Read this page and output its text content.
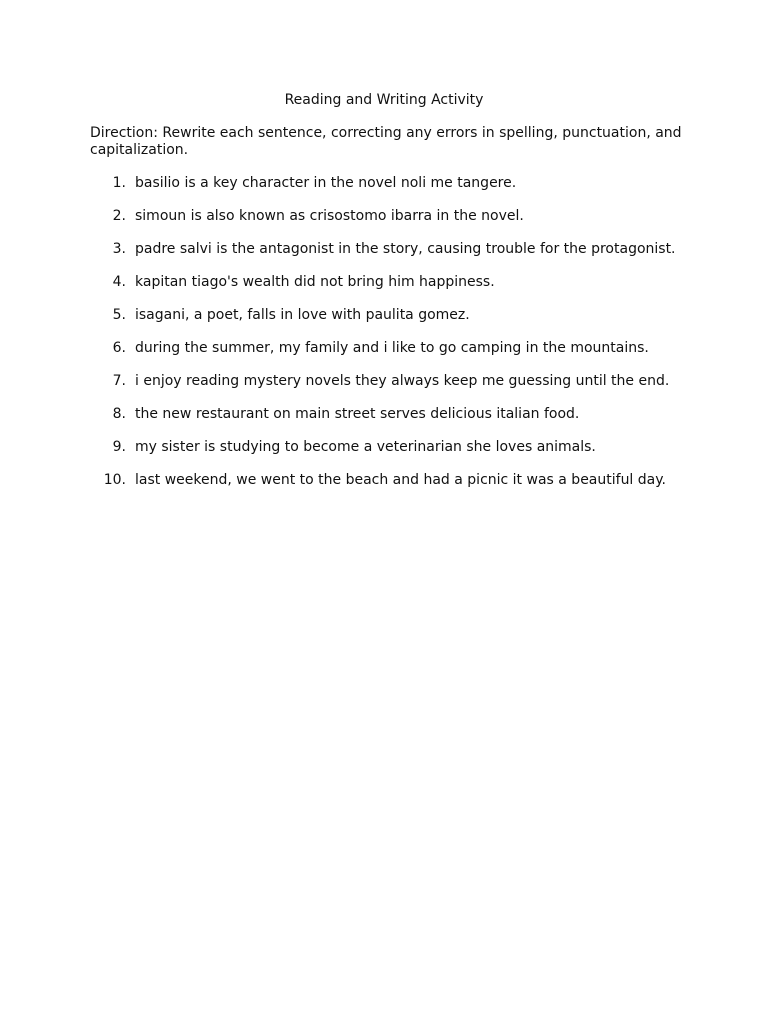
Reading and Writing Activity
Direction: Rewrite each sentence, correcting any errors in spelling, punctuation, and capitalization.
1. basilio is a key character in the novel noli me tangere.
2. simoun is also known as crisostomo ibarra in the novel.
3. padre salvi is the antagonist in the story, causing trouble for the protagonist.
4. kapitan tiago's wealth did not bring him happiness.
5. isagani, a poet, falls in love with paulita gomez.
6. during the summer, my family and i like to go camping in the mountains.
7. i enjoy reading mystery novels they always keep me guessing until the end.
8. the new restaurant on main street serves delicious italian food.
9. my sister is studying to become a veterinarian she loves animals.
10. last weekend, we went to the beach and had a picnic it was a beautiful day.
